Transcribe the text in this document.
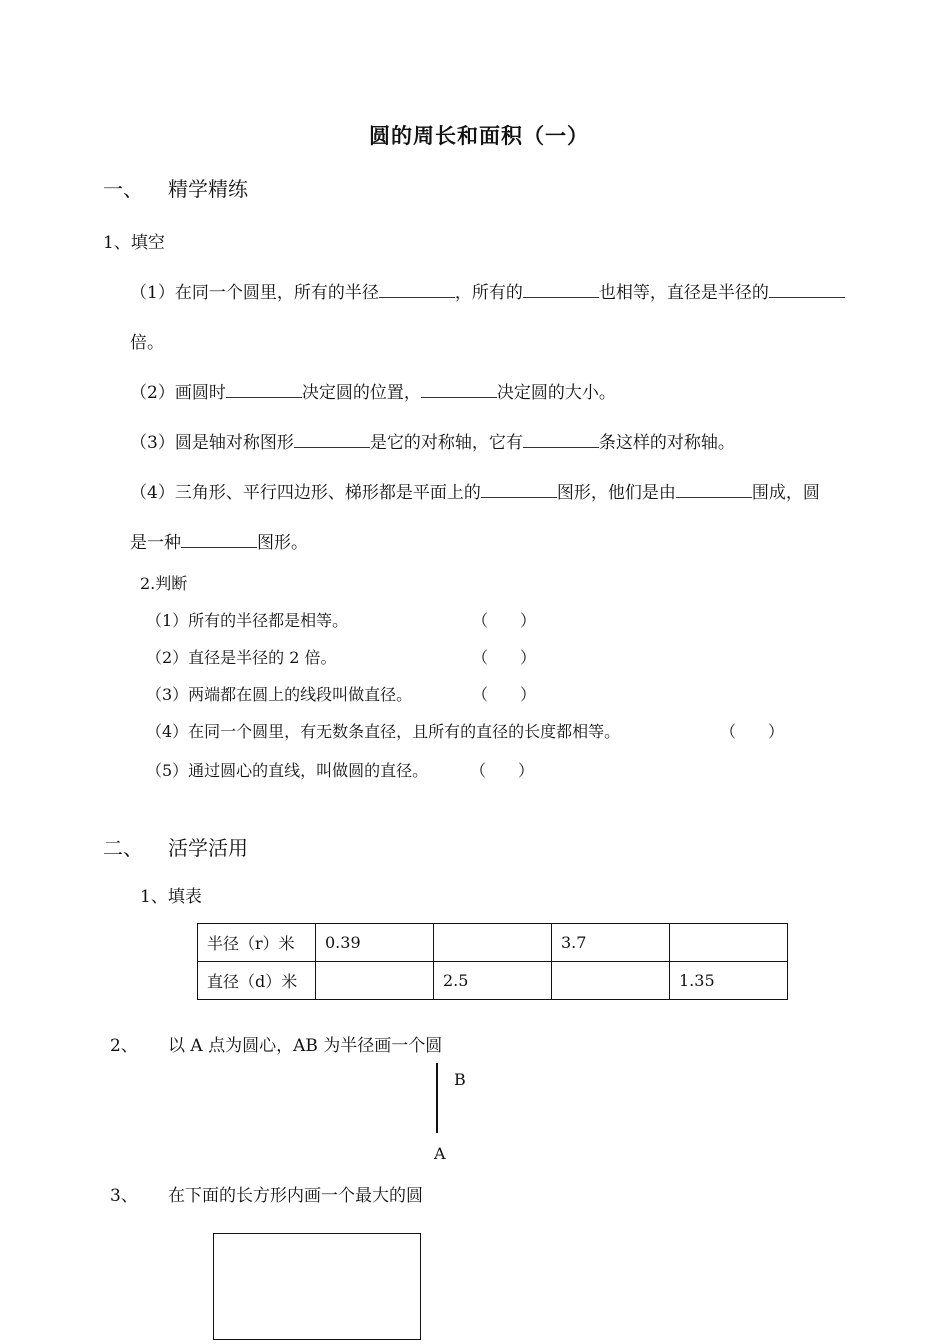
圆的周长和面积（一）
一、 精学精练
1、填空
（1）在同一个圆里，所有的半径	，所有的	也相等，直径是半径的
倍。
（2）画圆时	决定圆的位置，	决定圆的大小。
（3）圆是轴对称图形	是它的对称轴，它有	条这样的对称轴。
（4）三角形、平行四边形、梯形都是平面上的	图形，他们是由	围成，圆
是一种	图形。
2.判断
（1）所有的半径都是相等。	（　　）
（2）直径是半径的 2 倍。	（　　）
（3）两端都在圆上的线段叫做直径。	（　　）
（4）在同一个圆里，有无数条直径，且所有的直径的长度都相等。	（　　）
（5）通过圆心的直线，叫做圆的直径。	（　　）
二、 活学活用
1、填表
半径（r）米	0.39		3.7	
直径（d）米		2.5		1.35
2、 以 A 点为圆心，AB 为半径画一个圆
B
A
3、 在下面的长方形内画一个最大的圆
